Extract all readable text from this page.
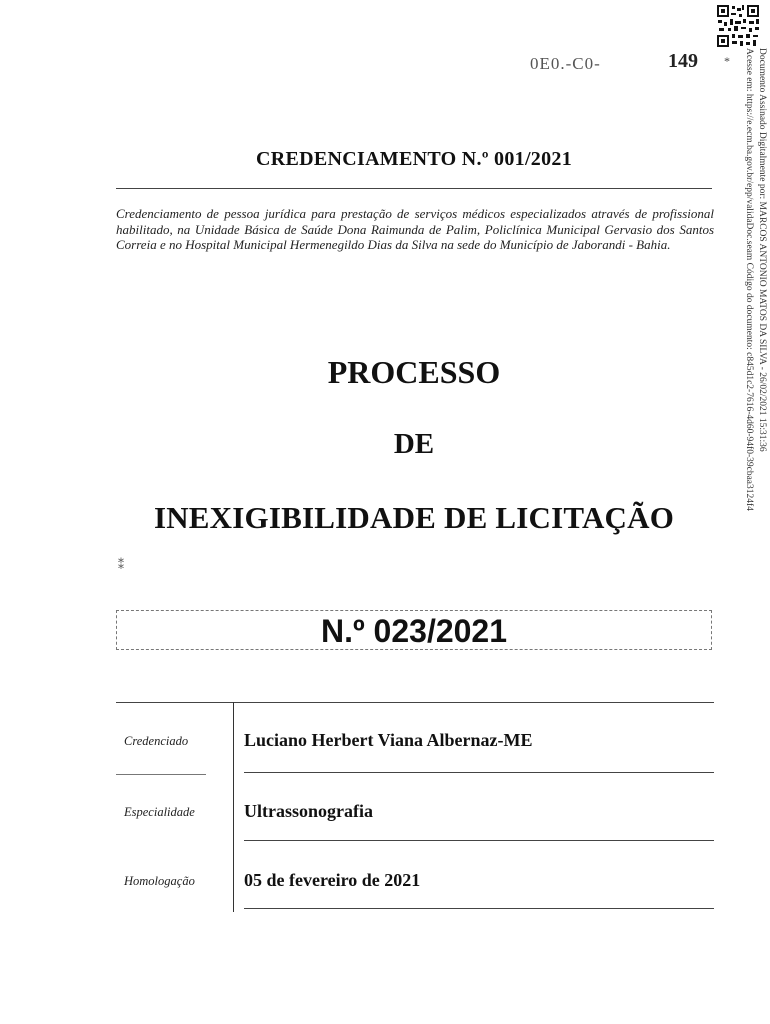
0E0.-C0-	149 *	Documento Assinado Digitalmente por: MARCOS ANTONIO MATOS DA SILVA - 26/02/2021 15:31:36
Acesse em: https://e.ecm.ba.gov.br/epp/validaDoc.seam Código do documento: c845d1c2-7616-4d60-94f0-39cbaa3124f4
CREDENCIAMENTO N.º 001/2021
Credenciamento de pessoa jurídica para prestação de serviços médicos especializados através de profissional habilitado, na Unidade Básica de Saúde Dona Raimunda de Palim, Policlínica Municipal Gervasio dos Santos Correia e no Hospital Municipal Hermenegildo Dias da Silva na sede do Município de Jaborandi - Bahia.
PROCESSO
DE
INEXIGIBILIDADE DE LICITAÇÃO
⁑
N.º 023/2021
Credenciado	Luciano Herbert Viana Albernaz-ME
Especialidade	Ultrassonografia
Homologação	05 de fevereiro de 2021
